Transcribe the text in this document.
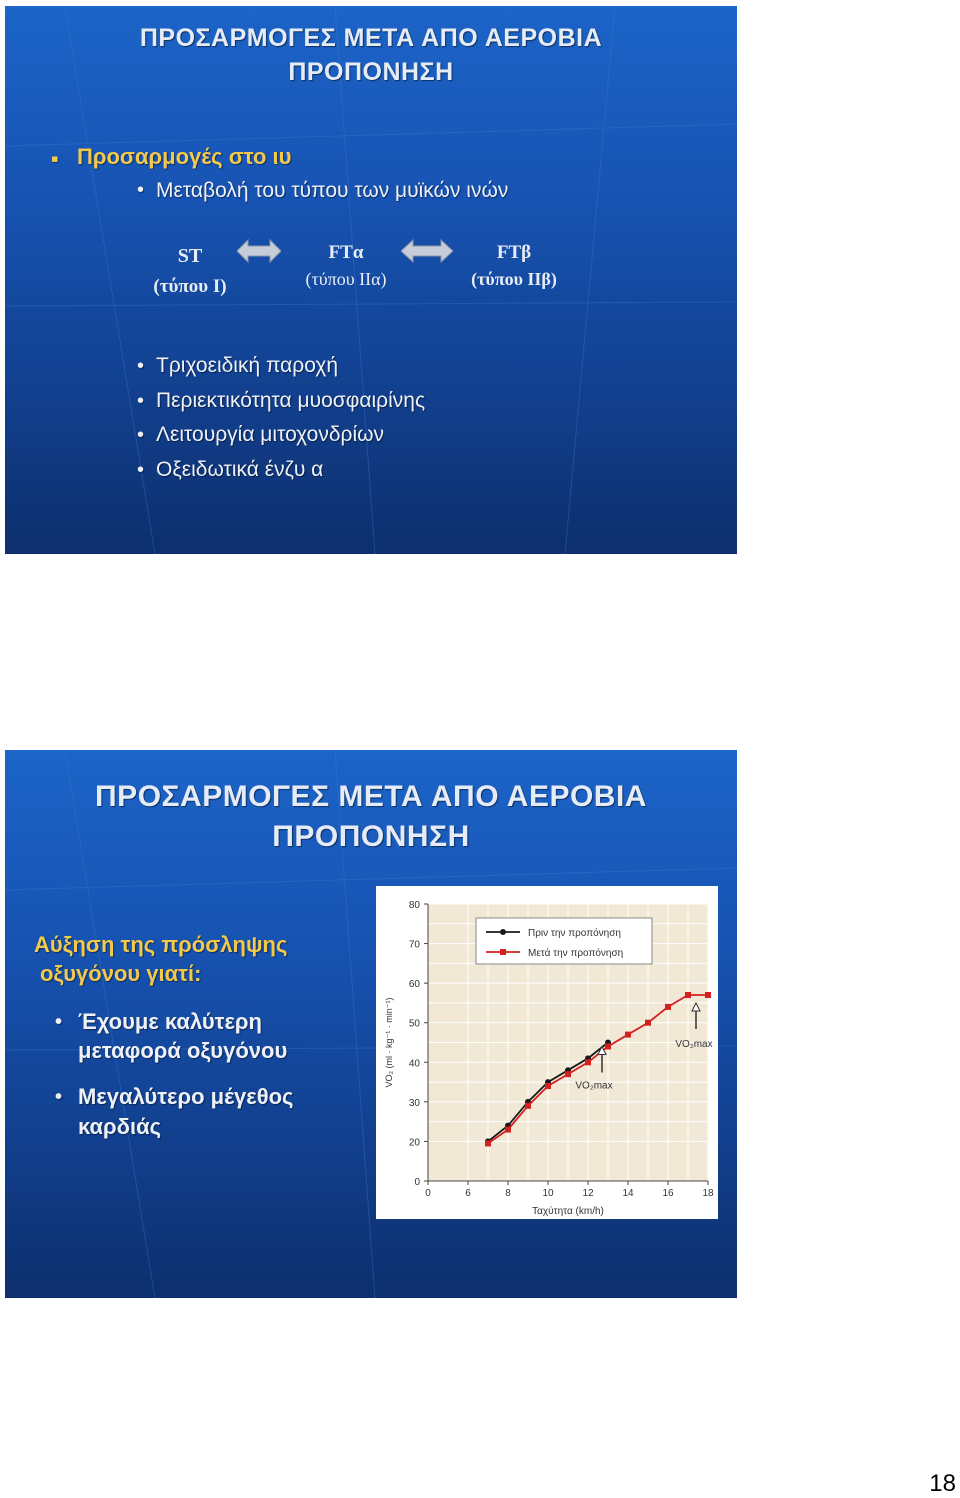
ΠΡΟΣΑΡΜΟΓΕΣ ΜΕΤΑ ΑΠΟ ΑΕΡΟΒΙΑ
ΠΡΟΠΟΝΗΣΗ
▪ Προσαρμογές στο ιυ
• Μεταβολή του τύπου των μυϊκών ινών
ST
(τύπου Ι)
FTα
(τύπου ΙΙα)
FTβ
(τύπου ΙΙβ)
• Τριχοειδική παροχή
• Περιεκτικότητα μυοσφαιρίνης
• Λειτουργία μιτοχονδρίων
• Οξειδωτικά ένζυ α
ΠΡΟΣΑΡΜΟΓΕΣ ΜΕΤΑ ΑΠΟ ΑΕΡΟΒΙΑ
ΠΡΟΠΟΝΗΣΗ
Αύξηση της πρόσληψης
οξυγόνου γιατί:
• Έχουμε καλύτερη
μεταφορά οξυγόνου
• Μεγαλύτερο μέγεθος
καρδιάς
0	6	8	10	12	14	16	18
0
20
30
40
50
60
70
80
Ταχύτητα (km/h)
VO₂ (ml · kg⁻¹ · min⁻¹)	VO₂max
VO₂max
Πριν την προπόνηση
Μετά την προπόνηση
18
